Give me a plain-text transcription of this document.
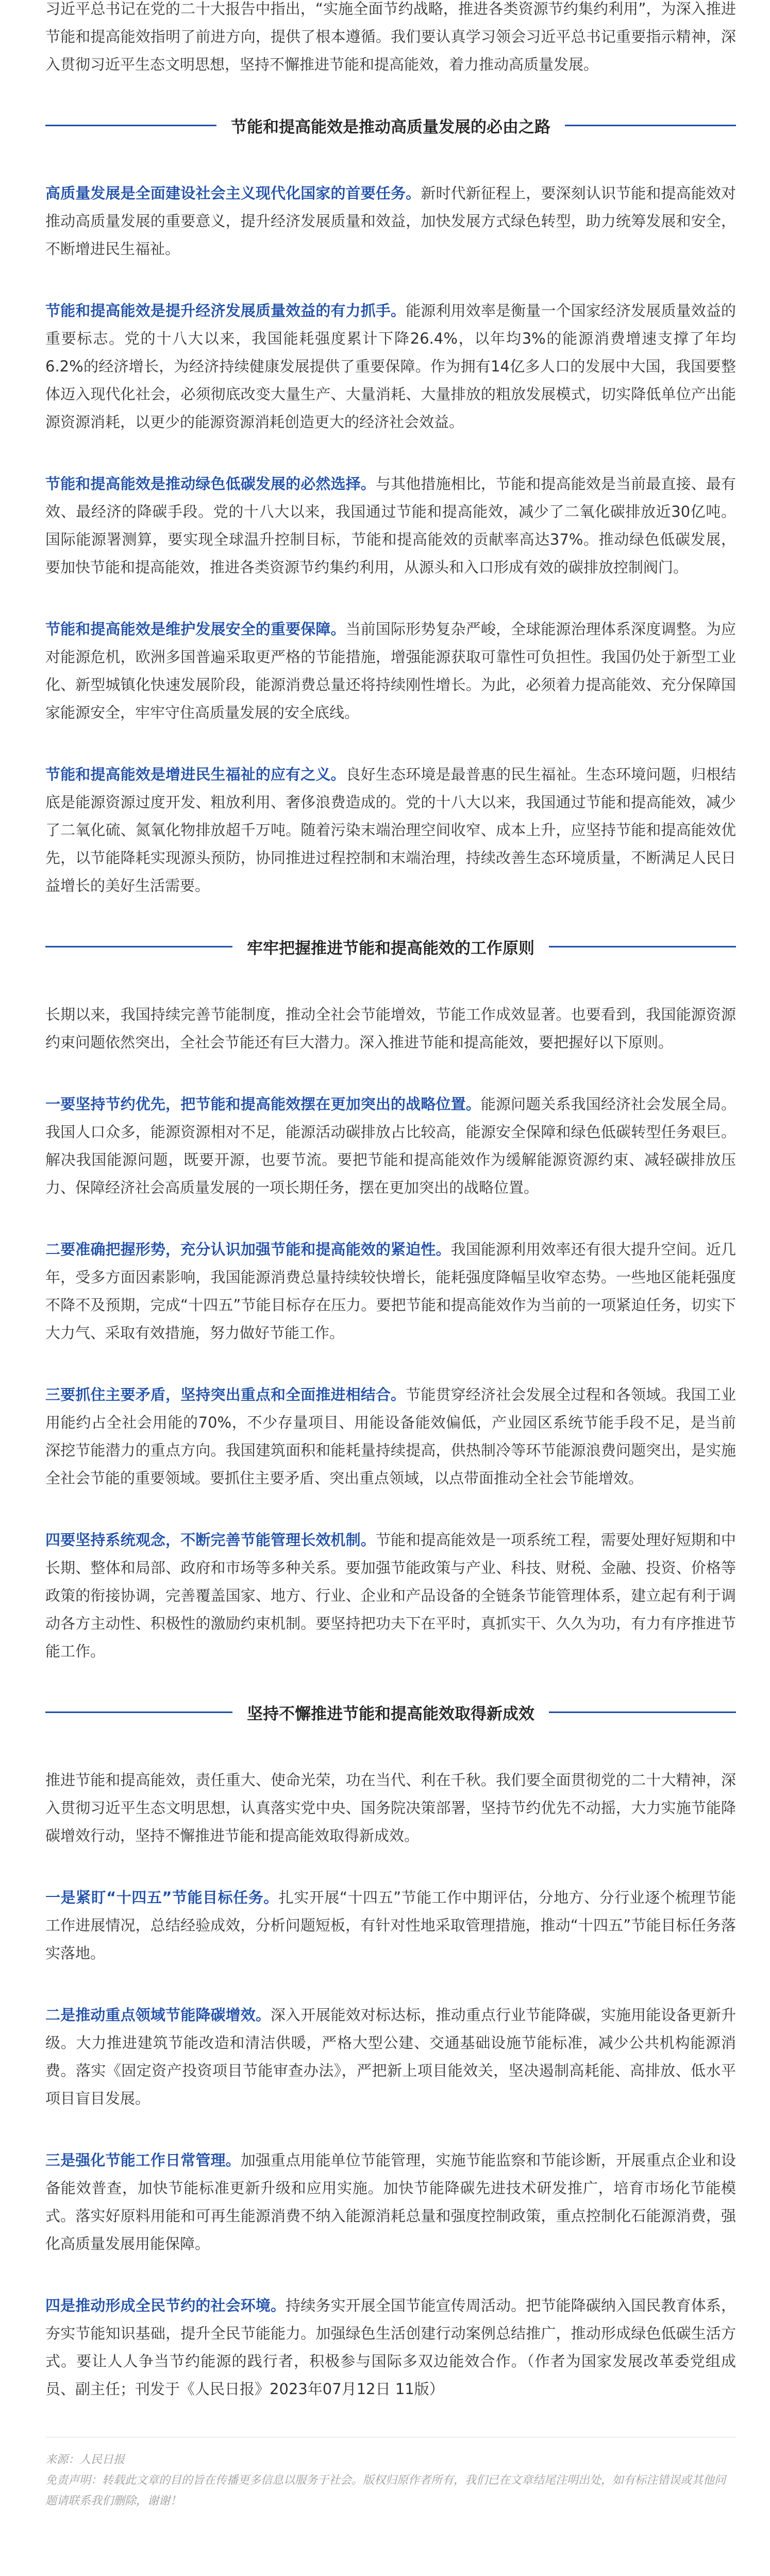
习近平总书记在党的二十大报告中指出，“实施全面节约战略，推进各类资源节约集约利用”，为深入推进节能和提高能效指明了前进方向，提供了根本遵循。我们要认真学习领会习近平总书记重要指示精神，深入贯彻习近平生态文明思想，坚持不懈推进节能和提高能效，着力推动高质量发展。

节能和提高能效是推动高质量发展的必由之路

高质量发展是全面建设社会主义现代化国家的首要任务。新时代新征程上，要深刻认识节能和提高能效对推动高质量发展的重要意义，提升经济发展质量和效益，加快发展方式绿色转型，助力统筹发展和安全，不断增进民生福祉。

节能和提高能效是提升经济发展质量效益的有力抓手。能源利用效率是衡量一个国家经济发展质量效益的重要标志。党的十八大以来，我国能耗强度累计下降26.4%，以年均3%的能源消费增速支撑了年均6.2%的经济增长，为经济持续健康发展提供了重要保障。作为拥有14亿多人口的发展中大国，我国要整体迈入现代化社会，必须彻底改变大量生产、大量消耗、大量排放的粗放发展模式，切实降低单位产出能源资源消耗，以更少的能源资源消耗创造更大的经济社会效益。

节能和提高能效是推动绿色低碳发展的必然选择。与其他措施相比，节能和提高能效是当前最直接、最有效、最经济的降碳手段。党的十八大以来，我国通过节能和提高能效，减少了二氧化碳排放近30亿吨。国际能源署测算，要实现全球温升控制目标，节能和提高能效的贡献率高达37%。推动绿色低碳发展，要加快节能和提高能效，推进各类资源节约集约利用，从源头和入口形成有效的碳排放控制阀门。

节能和提高能效是维护发展安全的重要保障。当前国际形势复杂严峻，全球能源治理体系深度调整。为应对能源危机，欧洲多国普遍采取更严格的节能措施，增强能源获取可靠性可负担性。我国仍处于新型工业化、新型城镇化快速发展阶段，能源消费总量还将持续刚性增长。为此，必须着力提高能效、充分保障国家能源安全，牢牢守住高质量发展的安全底线。

节能和提高能效是增进民生福祉的应有之义。良好生态环境是最普惠的民生福祉。生态环境问题，归根结底是能源资源过度开发、粗放利用、奢侈浪费造成的。党的十八大以来，我国通过节能和提高能效，减少了二氧化硫、氮氧化物排放超千万吨。随着污染末端治理空间收窄、成本上升，应坚持节能和提高能效优先，以节能降耗实现源头预防，协同推进过程控制和末端治理，持续改善生态环境质量，不断满足人民日益增长的美好生活需要。

牢牢把握推进节能和提高能效的工作原则

长期以来，我国持续完善节能制度，推动全社会节能增效，节能工作成效显著。也要看到，我国能源资源约束问题依然突出，全社会节能还有巨大潜力。深入推进节能和提高能效，要把握好以下原则。

一要坚持节约优先，把节能和提高能效摆在更加突出的战略位置。能源问题关系我国经济社会发展全局。我国人口众多，能源资源相对不足，能源活动碳排放占比较高，能源安全保障和绿色低碳转型任务艰巨。解决我国能源问题，既要开源，也要节流。要把节能和提高能效作为缓解能源资源约束、减轻碳排放压力、保障经济社会高质量发展的一项长期任务，摆在更加突出的战略位置。

二要准确把握形势，充分认识加强节能和提高能效的紧迫性。我国能源利用效率还有很大提升空间。近几年，受多方面因素影响，我国能源消费总量持续较快增长，能耗强度降幅呈收窄态势。一些地区能耗强度不降不及预期，完成“十四五”节能目标存在压力。要把节能和提高能效作为当前的一项紧迫任务，切实下大力气、采取有效措施，努力做好节能工作。

三要抓住主要矛盾，坚持突出重点和全面推进相结合。节能贯穿经济社会发展全过程和各领域。我国工业用能约占全社会用能的70%，不少存量项目、用能设备能效偏低，产业园区系统节能手段不足，是当前深挖节能潜力的重点方向。我国建筑面积和能耗量持续提高，供热制冷等环节能源浪费问题突出，是实施全社会节能的重要领域。要抓住主要矛盾、突出重点领域，以点带面推动全社会节能增效。

四要坚持系统观念，不断完善节能管理长效机制。节能和提高能效是一项系统工程，需要处理好短期和中长期、整体和局部、政府和市场等多种关系。要加强节能政策与产业、科技、财税、金融、投资、价格等政策的衔接协调，完善覆盖国家、地方、行业、企业和产品设备的全链条节能管理体系，建立起有利于调动各方主动性、积极性的激励约束机制。要坚持把功夫下在平时，真抓实干、久久为功，有力有序推进节能工作。

坚持不懈推进节能和提高能效取得新成效

推进节能和提高能效，责任重大、使命光荣，功在当代、利在千秋。我们要全面贯彻党的二十大精神，深入贯彻习近平生态文明思想，认真落实党中央、国务院决策部署，坚持节约优先不动摇，大力实施节能降碳增效行动，坚持不懈推进节能和提高能效取得新成效。

一是紧盯“十四五”节能目标任务。扎实开展“十四五”节能工作中期评估，分地方、分行业逐个梳理节能工作进展情况，总结经验成效，分析问题短板，有针对性地采取管理措施，推动“十四五”节能目标任务落实落地。

二是推动重点领域节能降碳增效。深入开展能效对标达标，推动重点行业节能降碳，实施用能设备更新升级。大力推进建筑节能改造和清洁供暖，严格大型公建、交通基础设施节能标准，减少公共机构能源消费。落实《固定资产投资项目节能审查办法》，严把新上项目能效关，坚决遏制高耗能、高排放、低水平项目盲目发展。

三是强化节能工作日常管理。加强重点用能单位节能管理，实施节能监察和节能诊断，开展重点企业和设备能效普查，加快节能标准更新升级和应用实施。加快节能降碳先进技术研发推广，培育市场化节能模式。落实好原料用能和可再生能源消费不纳入能源消耗总量和强度控制政策，重点控制化石能源消费，强化高质量发展用能保障。

四是推动形成全民节约的社会环境。持续务实开展全国节能宣传周活动。把节能降碳纳入国民教育体系，夯实节能知识基础，提升全民节能能力。加强绿色生活创建行动案例总结推广，推动形成绿色低碳生活方式。要让人人争当节约能源的践行者，积极参与国际多双边能效合作。（作者为国家发展改革委党组成员、副主任；刊发于《人民日报》2023年07月12日 11版）

来源：人民日报

免责声明：转载此文章的目的旨在传播更多信息以服务于社会。版权归原作者所有，我们已在文章结尾注明出处，如有标注错误或其他问题请联系我们删除，谢谢！
